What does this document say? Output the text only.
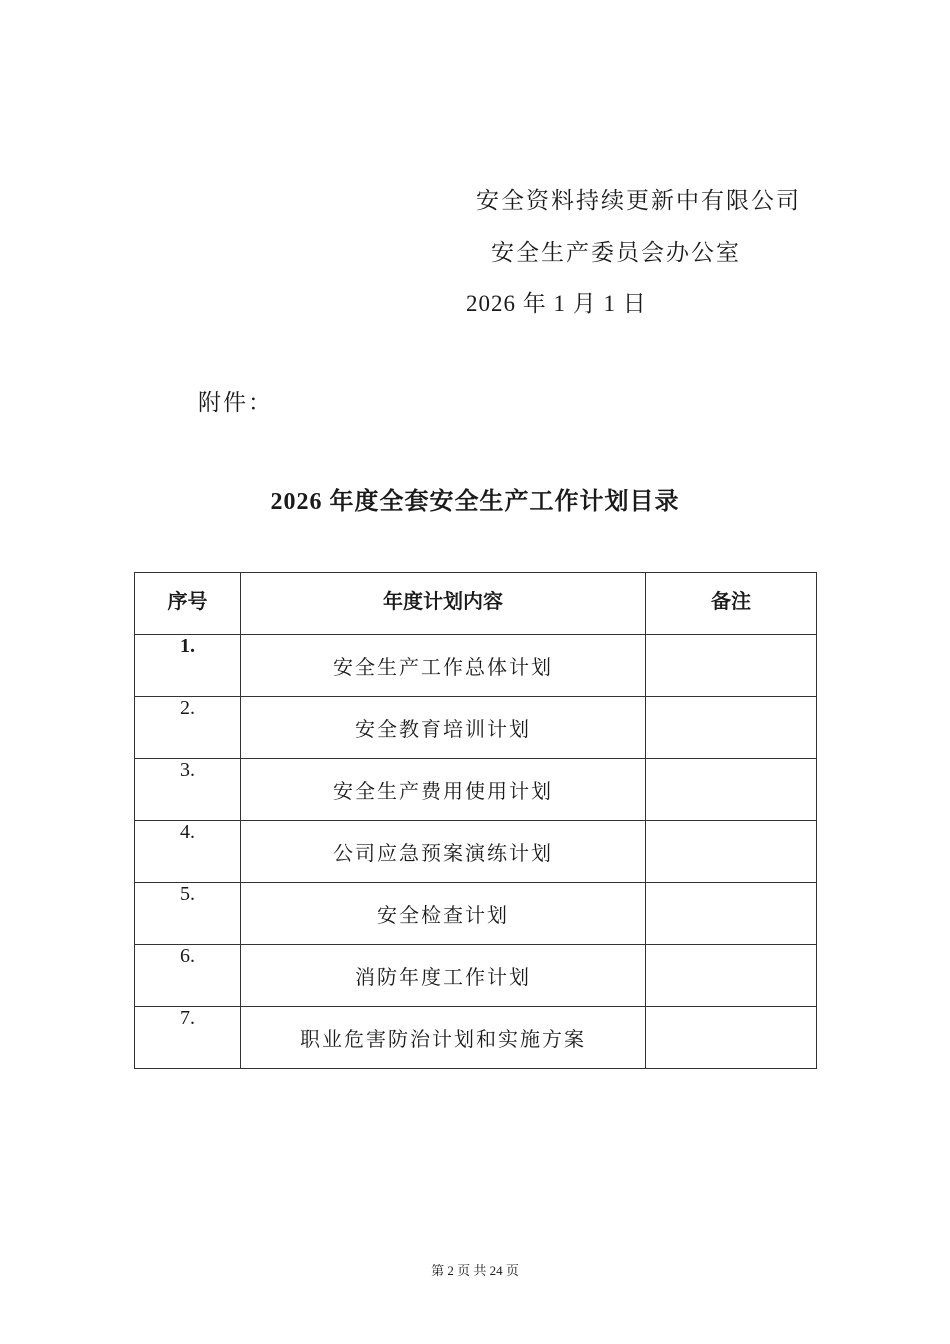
安全资料持续更新中有限公司
安全生产委员会办公室
2026 年 1 月 1 日
附件：
2026 年度全套安全生产工作计划目录
序号	年度计划内容	备注
1.	安全生产工作总体计划	
2.	安全教育培训计划	
3.	安全生产费用使用计划	
4.	公司应急预案演练计划	
5.	安全检查计划	
6.	消防年度工作计划	
7.	职业危害防治计划和实施方案	
第 2 页 共 24 页
